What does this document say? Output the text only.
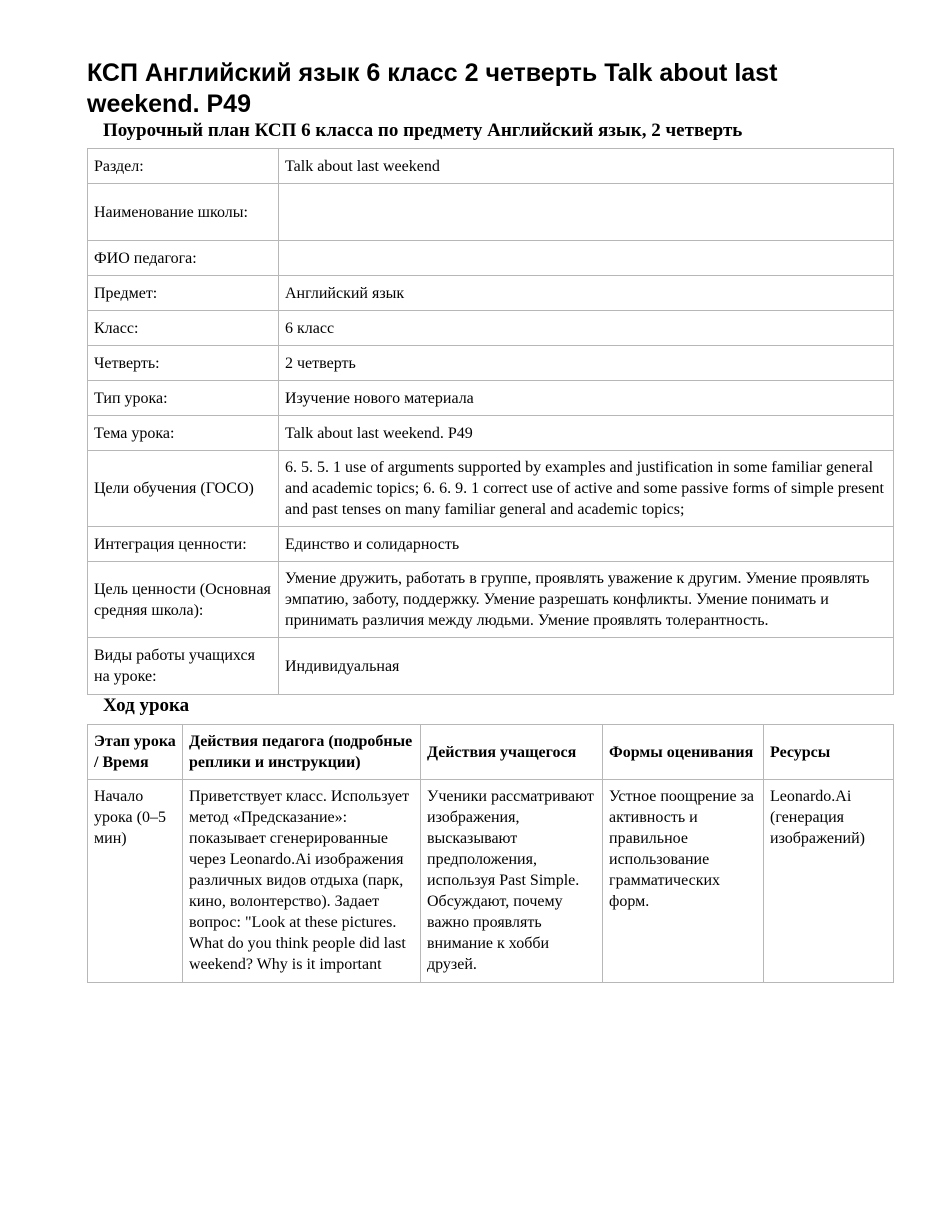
КСП Английский язык 6 класс 2 четверть Talk about last weekend. P49
Поурочный план КСП 6 класса по предмету Английский язык, 2 четверть
Раздел:	Talk about last weekend
Наименование школы:	
ФИО педагога:	
Предмет:	Английский язык
Класс:	6 класс
Четверть:	2 четверть
Тип урока:	Изучение нового материала
Тема урока:	Talk about last weekend. P49
Цели обучения (ГОСО)	6. 5. 5. 1 use of arguments supported by examples and justification in some familiar general and academic topics; 6. 6. 9. 1 correct use of active and some passive forms of simple present and past tenses on many familiar general and academic topics;
Интеграция ценности:	Единство и солидарность
Цель ценности (Основная средняя школа):	Умение дружить, работать в группе, проявлять уважение к другим. Умение проявлять эмпатию, заботу, поддержку. Умение разрешать конфликты. Умение понимать и принимать различия между людьми. Умение проявлять толерантность.
Виды работы учащихся на уроке:	Индивидуальная
Ход урока
Этап урока / Время	Действия педагога (подробные реплики и инструкции)	Действия учащегося	Формы оценивания	Ресурсы
Начало урока (0–5 мин)	Приветствует класс. Использует метод «Предсказание»: показывает сгенерированные через Leonardo.Ai изображения различных видов отдыха (парк, кино, волонтерство). Задает вопрос: "Look at these pictures. What do you think people did last weekend? Why is it important	Ученики рассматривают изображения, высказывают предположения, используя Past Simple. Обсуждают, почему важно проявлять внимание к хобби друзей.	Устное поощрение за активность и правильное использование грамматических форм.	Leonardo.Ai (генерация изображений)
